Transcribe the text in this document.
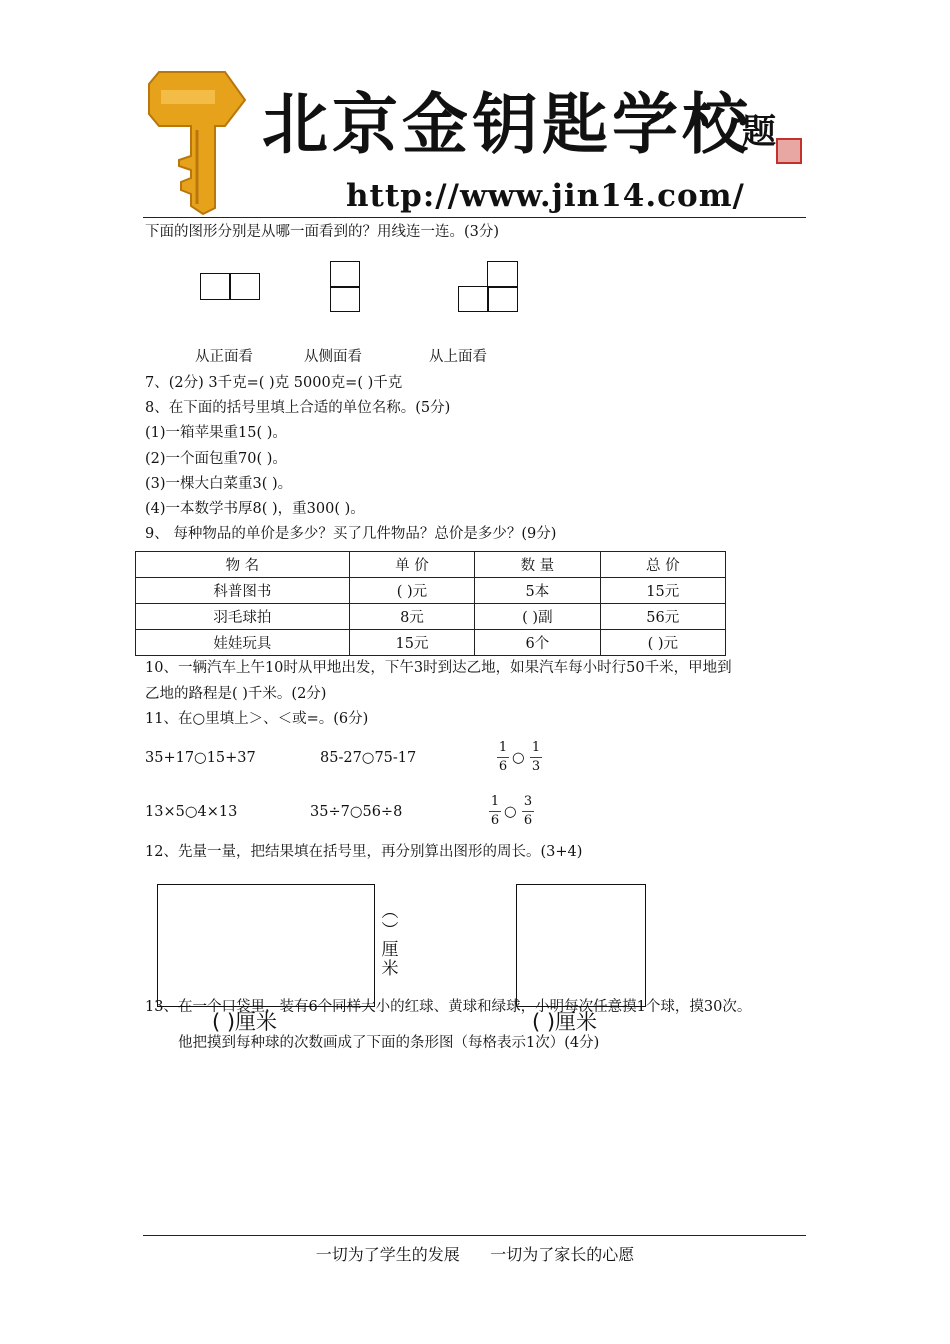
北京金钥匙学校
题
http://www.jin14.com/
下面的图形分别是从哪一面看到的？用线连一连。(3分)
从正面看	从侧面看	从上面看
7、(2分) 3千克=( )克 5000克=( )千克
8、在下面的括号里填上合适的单位名称。(5分)
(1)一箱苹果重15( )。
(2)一个面包重70( )。
(3)一棵大白菜重3( )。
(4)一本数学书厚8( )，重300( )。
9、 每种物品的单价是多少？买了几件物品？总价是多少？(9分)
物 名	单 价	数 量	总 价
科普图书	( )元	5本	15元
羽毛球拍	8元	( )副	56元
娃娃玩具	15元	6个	( )元
10、一辆汽车上午10时从甲地出发，下午3时到达乙地，如果汽车每小时行50千米，甲地到
乙地的路程是( )千米。(2分)
11、在○里填上＞、＜或=。(6分)
35+17○15+37	85-27○75-17
1
6
○
1
3
13×5○4×13	35÷7○56÷8
1
6
○
3
6
12、先量一量，把结果填在括号里，再分别算出图形的周长。(3+4)
︵
︶
厘
米
( )厘米	( )厘米
13、在一个口袋里，装有6个同样大小的红球、黄球和绿球，小明每次任意摸1个球，摸30次。
他把摸到每种球的次数画成了下面的条形图（每格表示1次）(4分)
一切为了学生的发展      一切为了家长的心愿
